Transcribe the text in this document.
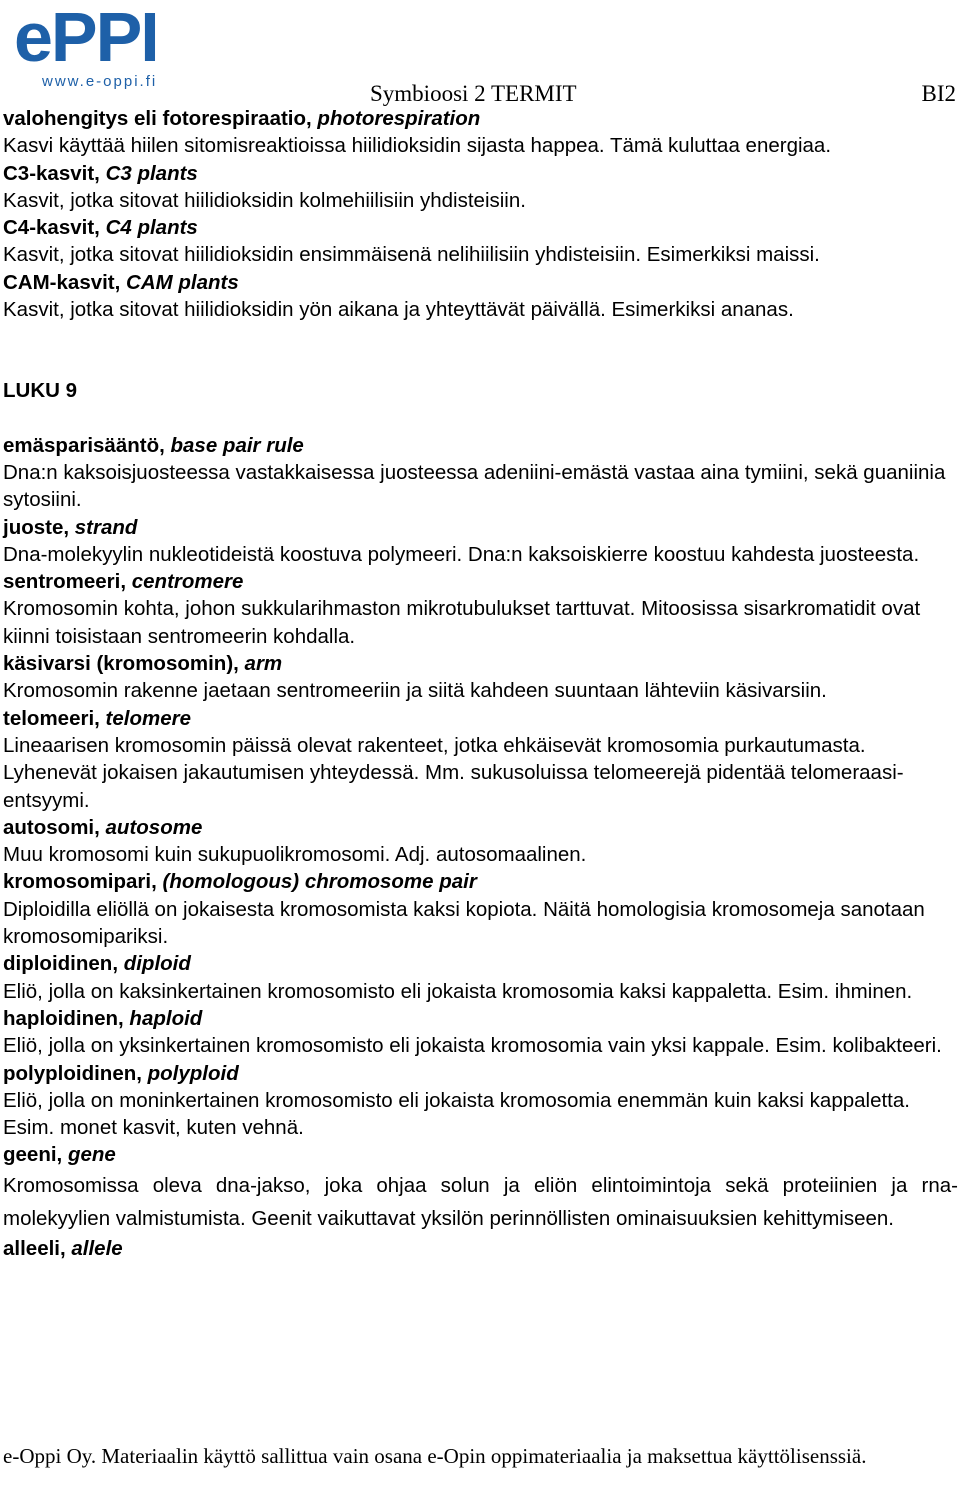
ePPI
www.e-oppi.fi	Symbioosi 2 TERMIT	BI2
valohengitys eli fotorespiraatio, photorespiration
Kasvi käyttää hiilen sitomisreaktioissa hiilidioksidin sijasta happea. Tämä kuluttaa energiaa.
C3-kasvit, C3 plants
Kasvit, jotka sitovat hiilidioksidin kolmehiilisiin yhdisteisiin.
C4-kasvit, C4 plants
Kasvit, jotka sitovat hiilidioksidin ensimmäisenä nelihiilisiin yhdisteisiin. Esimerkiksi maissi.
CAM-kasvit, CAM plants
Kasvit, jotka sitovat hiilidioksidin yön aikana ja yhteyttävät päivällä. Esimerkiksi ananas.
LUKU 9
emäsparisääntö, base pair rule
Dna:n kaksoisjuosteessa vastakkaisessa juosteessa adeniini-emästä vastaa aina tymiini, sekä guaniinia sytosiini.
juoste, strand
Dna-molekyylin nukleotideistä koostuva polymeeri. Dna:n kaksoiskierre koostuu kahdesta juosteesta.
sentromeeri, centromere
Kromosomin kohta, johon sukkularihmaston mikrotubulukset tarttuvat. Mitoosissa sisarkromatidit ovat kiinni toisistaan sentromeerin kohdalla.
käsivarsi (kromosomin), arm
Kromosomin rakenne jaetaan sentromeeriin ja siitä kahdeen suuntaan lähteviin käsivarsiin.
telomeeri, telomere
Lineaarisen kromosomin päissä olevat rakenteet, jotka ehkäisevät kromosomia purkautumasta. Lyhenevät jokaisen jakautumisen yhteydessä. Mm. sukusoluissa telomeerejä pidentää telomeraasi-entsyymi.
autosomi, autosome
Muu kromosomi kuin sukupuolikromosomi. Adj. autosomaalinen.
kromosomipari, (homologous) chromosome pair
Diploidilla eliöllä on jokaisesta kromosomista kaksi kopiota. Näitä homologisia kromosomeja sanotaan kromosomipariksi.
diploidinen, diploid
Eliö, jolla on kaksinkertainen kromosomisto eli jokaista kromosomia kaksi kappaletta. Esim. ihminen.
haploidinen, haploid
Eliö, jolla on yksinkertainen kromosomisto eli jokaista kromosomia vain yksi kappale. Esim. kolibakteeri.
polyploidinen, polyploid
Eliö, jolla on moninkertainen kromosomisto eli jokaista kromosomia enemmän kuin kaksi kappaletta. Esim. monet kasvit, kuten vehnä.
geeni, gene
Kromosomissa oleva dna-jakso, joka ohjaa solun ja eliön elintoimintoja sekä proteiinien ja rna-molekyylien valmistumista. Geenit vaikuttavat yksilön perinnöllisten ominaisuuksien kehittymiseen.
alleeli, allele
e-Oppi Oy. Materiaalin käyttö sallittua vain osana e-Opin oppimateriaalia ja maksettua käyttölisenssiä.
